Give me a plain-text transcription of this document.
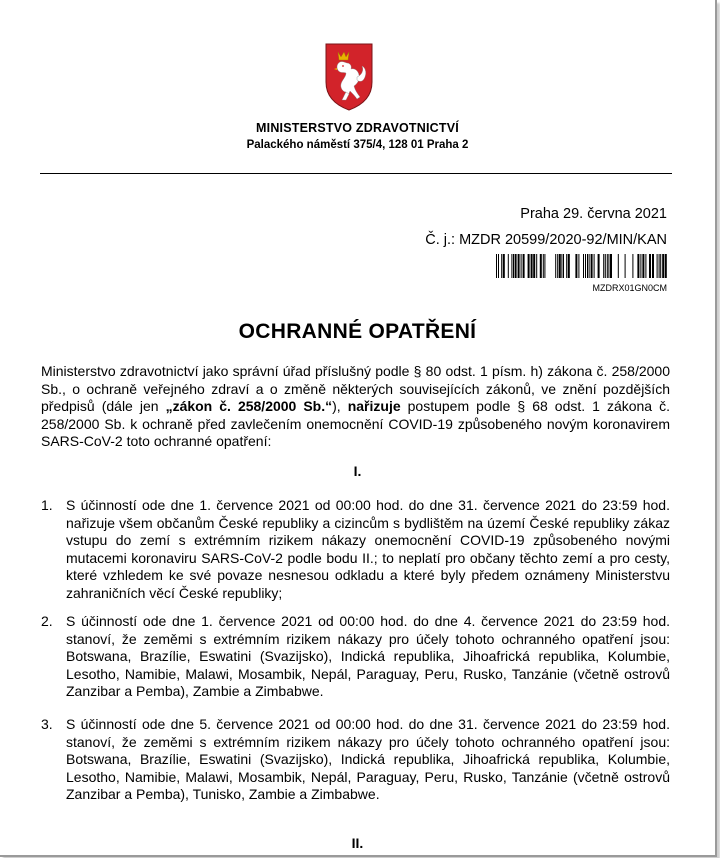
MINISTERSTVO ZDRAVOTNICTVÍ
Palackého náměstí 375/4, 128 01 Praha 2
Praha 29. června 2021
Č. j.: MZDR 20599/2020-92/MIN/KAN
MZDRX01GN0CM
OCHRANNÉ OPATŘENÍ
Ministerstvo zdravotnictví jako správní úřad příslušný podle § 80 odst. 1 písm. h) zákona č. 258/2000 Sb., o ochraně veřejného zdraví a o změně některých souvisejících zákonů, ve znění pozdějších předpisů (dále jen „zákon č. 258/2000 Sb.“), nařizuje postupem podle § 68 odst. 1 zákona č. 258/2000 Sb. k ochraně před zavlečením onemocnění COVID-19 způsobeného novým koronavirem SARS-CoV-2 toto ochranné opatření:
I.
1. S účinností ode dne 1. července 2021 od 00:00 hod. do dne 31. července 2021 do 23:59 hod. nařizuje všem občanům České republiky a cizincům s bydlištěm na území České republiky zákaz vstupu do zemí s extrémním rizikem nákazy onemocnění COVID-19 způsobeného novými mutacemi koronaviru SARS-CoV-2 podle bodu II.; to neplatí pro občany těchto zemí a pro cesty, které vzhledem ke své povaze nesnesou odkladu a které byly předem oznámeny Ministerstvu zahraničních věcí České republiky;
2. S účinností ode dne 1. července 2021 od 00:00 hod. do dne 4. července 2021 do 23:59 hod. stanoví, že zeměmi s extrémním rizikem nákazy pro účely tohoto ochranného opatření jsou: Botswana, Brazílie, Eswatini (Svazijsko), Indická republika, Jihoafrická republika, Kolumbie, Lesotho, Namibie, Malawi, Mosambik, Nepál, Paraguay, Peru, Rusko, Tanzánie (včetně ostrovů Zanzibar a Pemba), Zambie a Zimbabwe.
3. S účinností ode dne 5. července 2021 od 00:00 hod. do dne 31. července 2021 do 23:59 hod. stanoví, že zeměmi s extrémním rizikem nákazy pro účely tohoto ochranného opatření jsou: Botswana, Brazílie, Eswatini (Svazijsko), Indická republika, Jihoafrická republika, Kolumbie, Lesotho, Namibie, Malawi, Mosambik, Nepál, Paraguay, Peru, Rusko, Tanzánie (včetně ostrovů Zanzibar a Pemba), Tunisko, Zambie a Zimbabwe.
II.
